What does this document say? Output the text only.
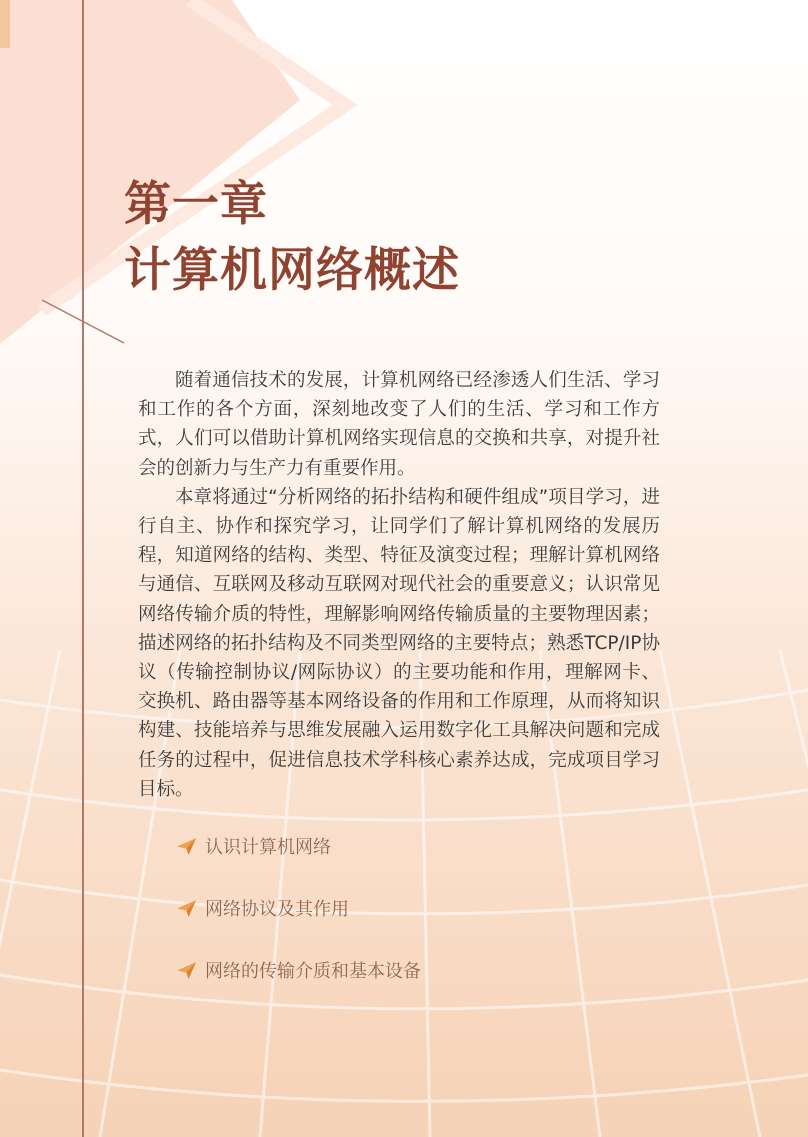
第一章
计算机网络概述

随着通信技术的发展，计算机网络已经渗透人们生活、学习和工作的各个方面，深刻地改变了人们的生活、学习和工作方式，人们可以借助计算机网络实现信息的交换和共享，对提升社会的创新力与生产力有重要作用。

本章将通过“分析网络的拓扑结构和硬件组成”项目学习，进行自主、协作和探究学习，让同学们了解计算机网络的发展历程，知道网络的结构、类型、特征及演变过程；理解计算机网络与通信、互联网及移动互联网对现代社会的重要意义；认识常见网络传输介质的特性，理解影响网络传输质量的主要物理因素；描述网络的拓扑结构及不同类型网络的主要特点；熟悉TCP/IP协议（传输控制协议/网际协议）的主要功能和作用，理解网卡、交换机、路由器等基本网络设备的作用和工作原理，从而将知识构建、技能培养与思维发展融入运用数字化工具解决问题和完成任务的过程中，促进信息技术学科核心素养达成，完成项目学习目标。

认识计算机网络
网络协议及其作用
网络的传输介质和基本设备
